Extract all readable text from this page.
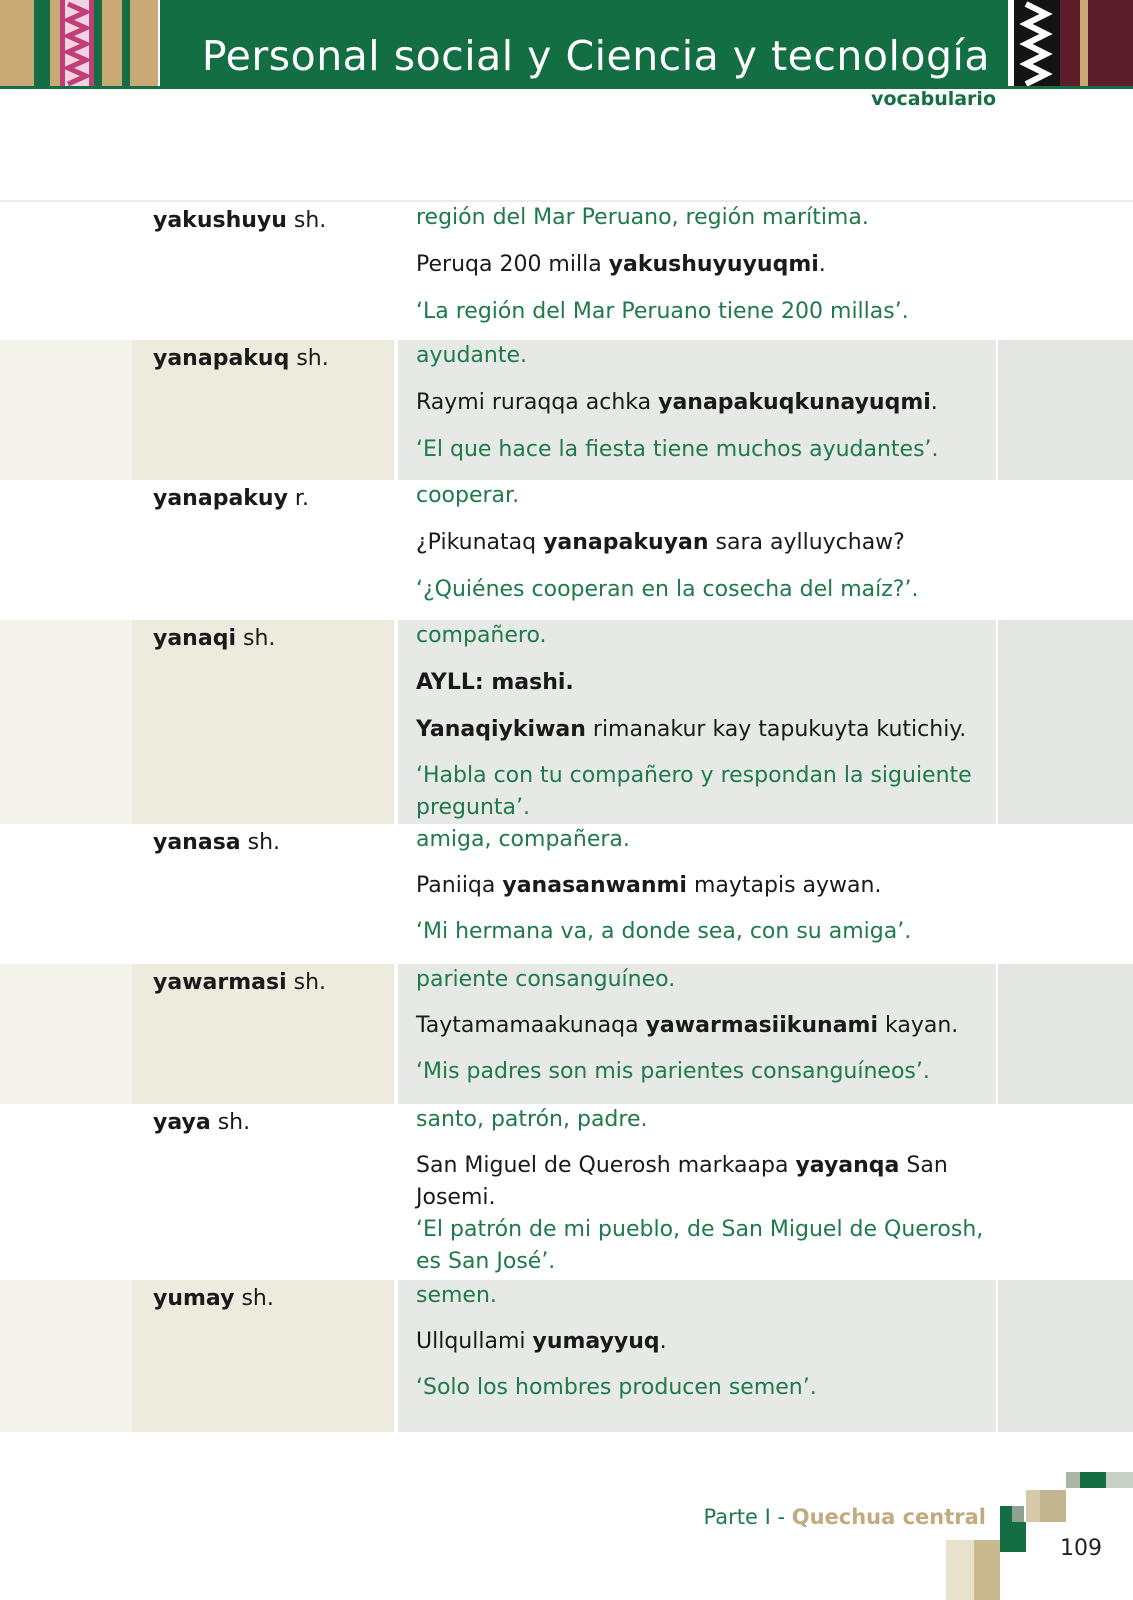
Personal social y Ciencia y tecnología
vocabulario
yakushuyu sh.	región del Mar Peruano, región marítima.
Peruqa 200 milla yakushuyuyuqmi.
‘La región del Mar Peruano tiene 200 millas’.
yanapakuq sh.	ayudante.
Raymi ruraqqa achka yanapakuqkunayuqmi.
‘El que hace la fiesta tiene muchos ayudantes’.
yanapakuy r.	cooperar.
¿Pikunataq yanapakuyan sara aylluychaw?
‘¿Quiénes cooperan en la cosecha del maíz?’.
yanaqi sh.	compañero.
AYLL: mashi.
Yanaqiykiwan rimanakur kay tapukuyta kutichiy.
‘Habla con tu compañero y respondan la siguiente pregunta’.
yanasa sh.	amiga, compañera.
Paniiqa yanasanwanmi maytapis aywan.
‘Mi hermana va, a donde sea, con su amiga’.
yawarmasi sh.	pariente consanguíneo.
Taytamamaakunaqa yawarmasiikunami kayan.
‘Mis padres son mis parientes consanguíneos’.
yaya sh.	santo, patrón, padre.
San Miguel de Querosh markaapa yayanqa San Josemi.
‘El patrón de mi pueblo, de San Miguel de Querosh, es San José’.
yumay sh.	semen.
Ullqullami yumayyuq.
‘Solo los hombres producen semen’.
Parte I - Quechua central
109
